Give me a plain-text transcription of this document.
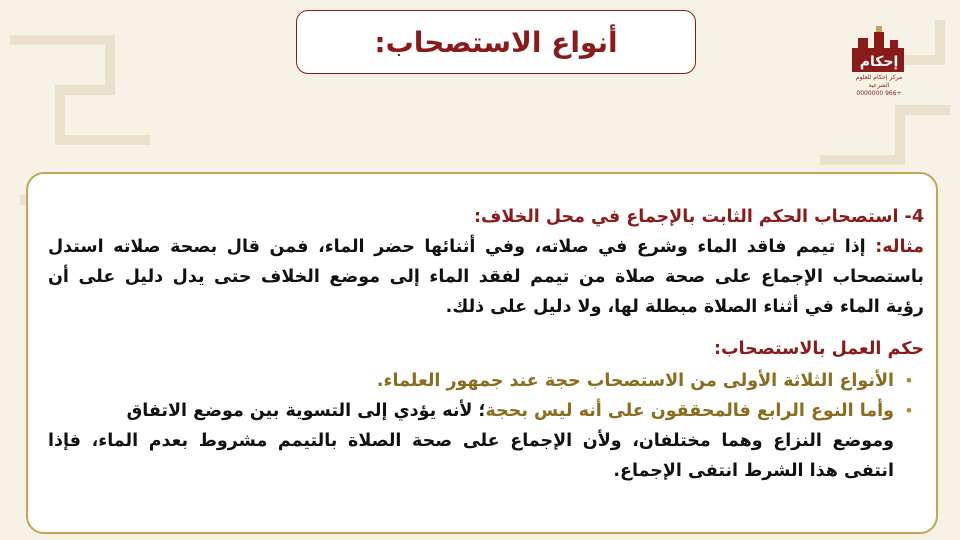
أنواع الاستصحاب:
إحكام
مركز إحكام للعلوم الشرعية
+966 0000000
4- استصحاب الحكم الثابت بالإجماع في محل الخلاف:
مثاله: إذا تيمم فاقد الماء وشرع في صلاته، وفي أثنائها حضر الماء، فمن قال بصحة صلاته استدل
باستصحاب الإجماع على صحة صلاة من تيمم لفقد الماء إلى موضع الخلاف حتى يدل دليل على أن
رؤية الماء في أثناء الصلاة مبطلة لها، ولا دليل على ذلك.
حكم العمل بالاستصحاب:
•
الأنواع الثلاثة الأولى من الاستصحاب حجة عند جمهور العلماء.
•
وأما النوع الرابع فالمحققون على أنه ليس بحجة؛ لأنه يؤدي إلى التسوية بين موضع الاتفاق
وموضع النزاع وهما مختلفان، ولأن الإجماع على صحة الصلاة بالتيمم مشروط بعدم الماء، فإذا
انتفى هذا الشرط انتفى الإجماع.
